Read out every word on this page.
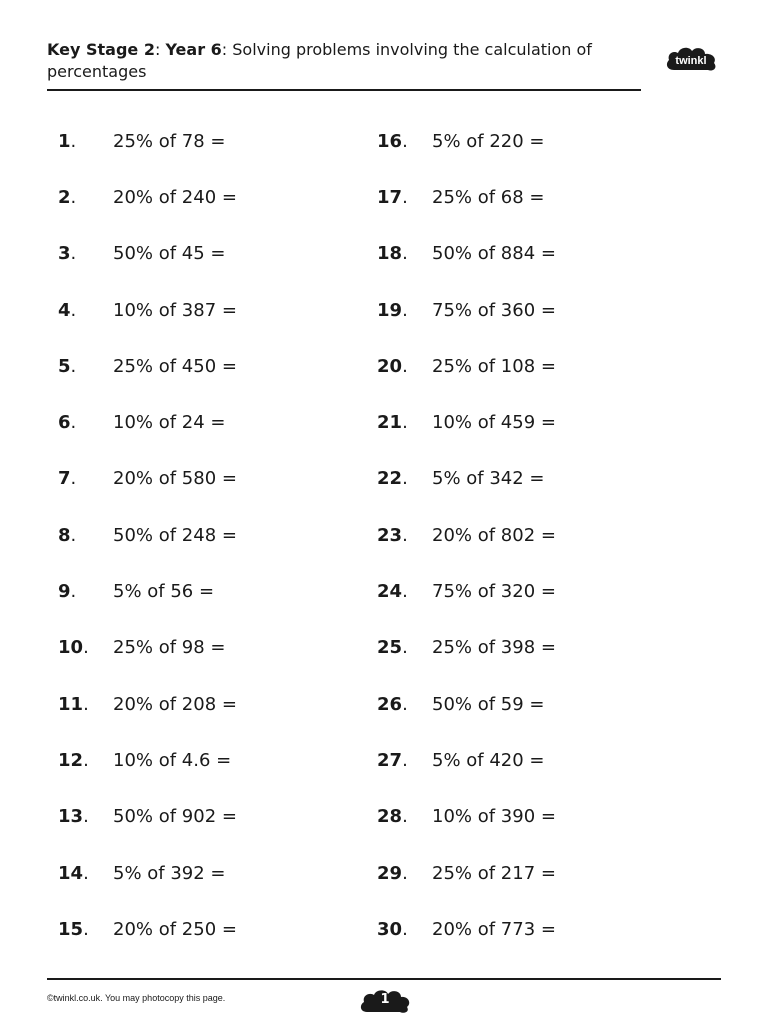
Key Stage 2: Year 6: Solving problems involving the calculation of percentages

twinkl
1.	25% of 78 =
2.	20% of 240 =
3.	50% of 45 =
4.	10% of 387 =
5.	25% of 450 =
6.	10% of 24 =
7.	20% of 580 =
8.	50% of 248 =
9.	5% of 56 =
10.	25% of 98 =
11.	20% of 208 =
12.	10% of 4.6 =
13.	50% of 902 =
14.	5% of 392 =
15.	20% of 250 =
16.	5% of 220 =
17.	25% of 68 =
18.	50% of 884 =
19.	75% of 360 =
20.	25% of 108 =
21.	10% of 459 =
22.	5% of 342 =
23.	20% of 802 =
24.	75% of 320 =
25.	25% of 398 =
26.	50% of 59 =
27.	5% of 420 =
28.	10% of 390 =
29.	25% of 217 =
30.	20% of 773 =
©twinkl.co.uk. You may photocopy this page.	1
